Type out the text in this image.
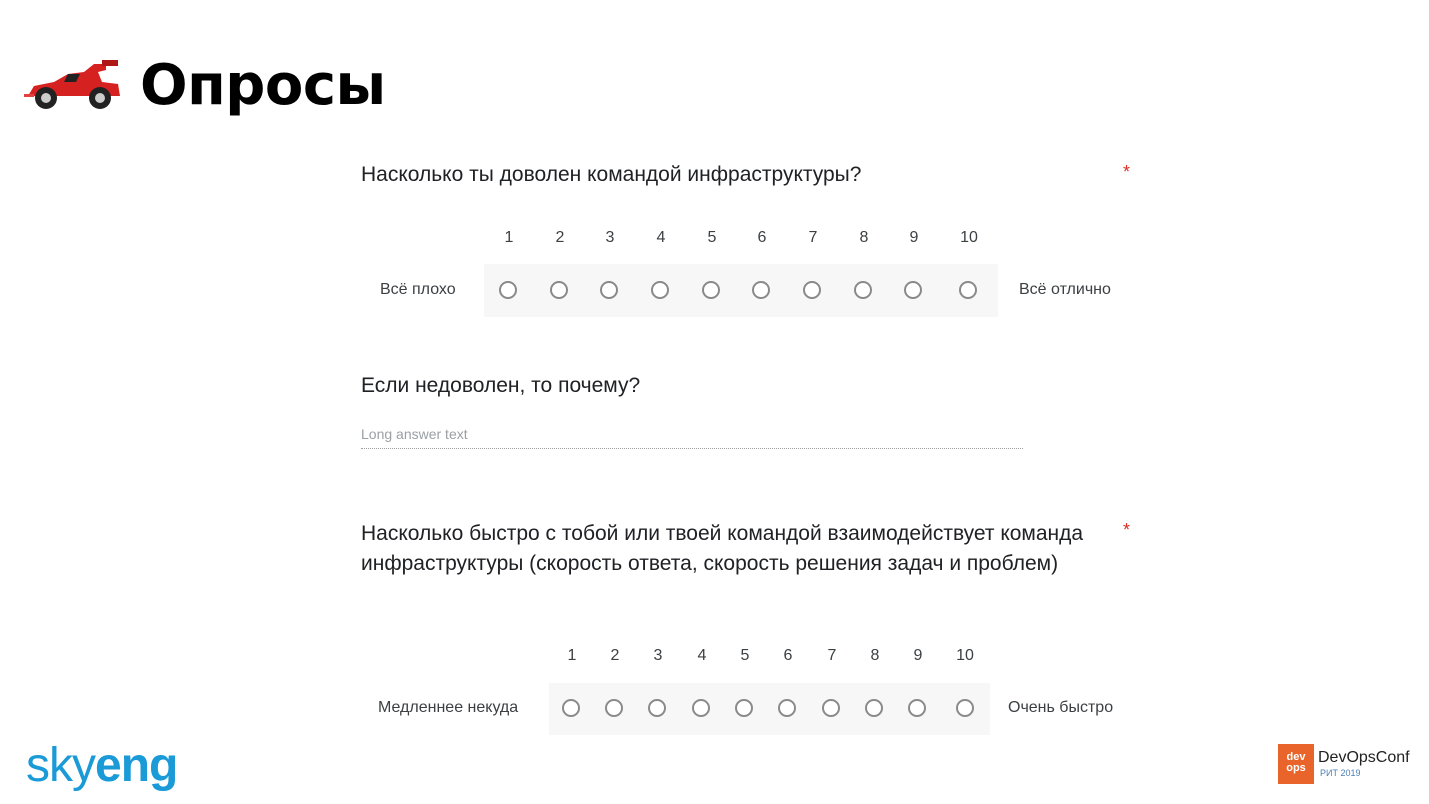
Опросы
Насколько ты доволен командой инфраструктуры?	*
1	2	3	4	5	6	7	8	9	10
Всё плохо	Всё отлично
Если недоволен, то почему?
Long answer text
Насколько быстро с тобой или твоей командой взаимодействует команда инфраструктуры (скорость ответа, скорость решения задач и проблем)
*
1	2	3	4	5	6	7	8	9	10
Медленнее некуда	Очень быстро
skyeng	dev
ops
DevOpsConf
РИТ 2019
